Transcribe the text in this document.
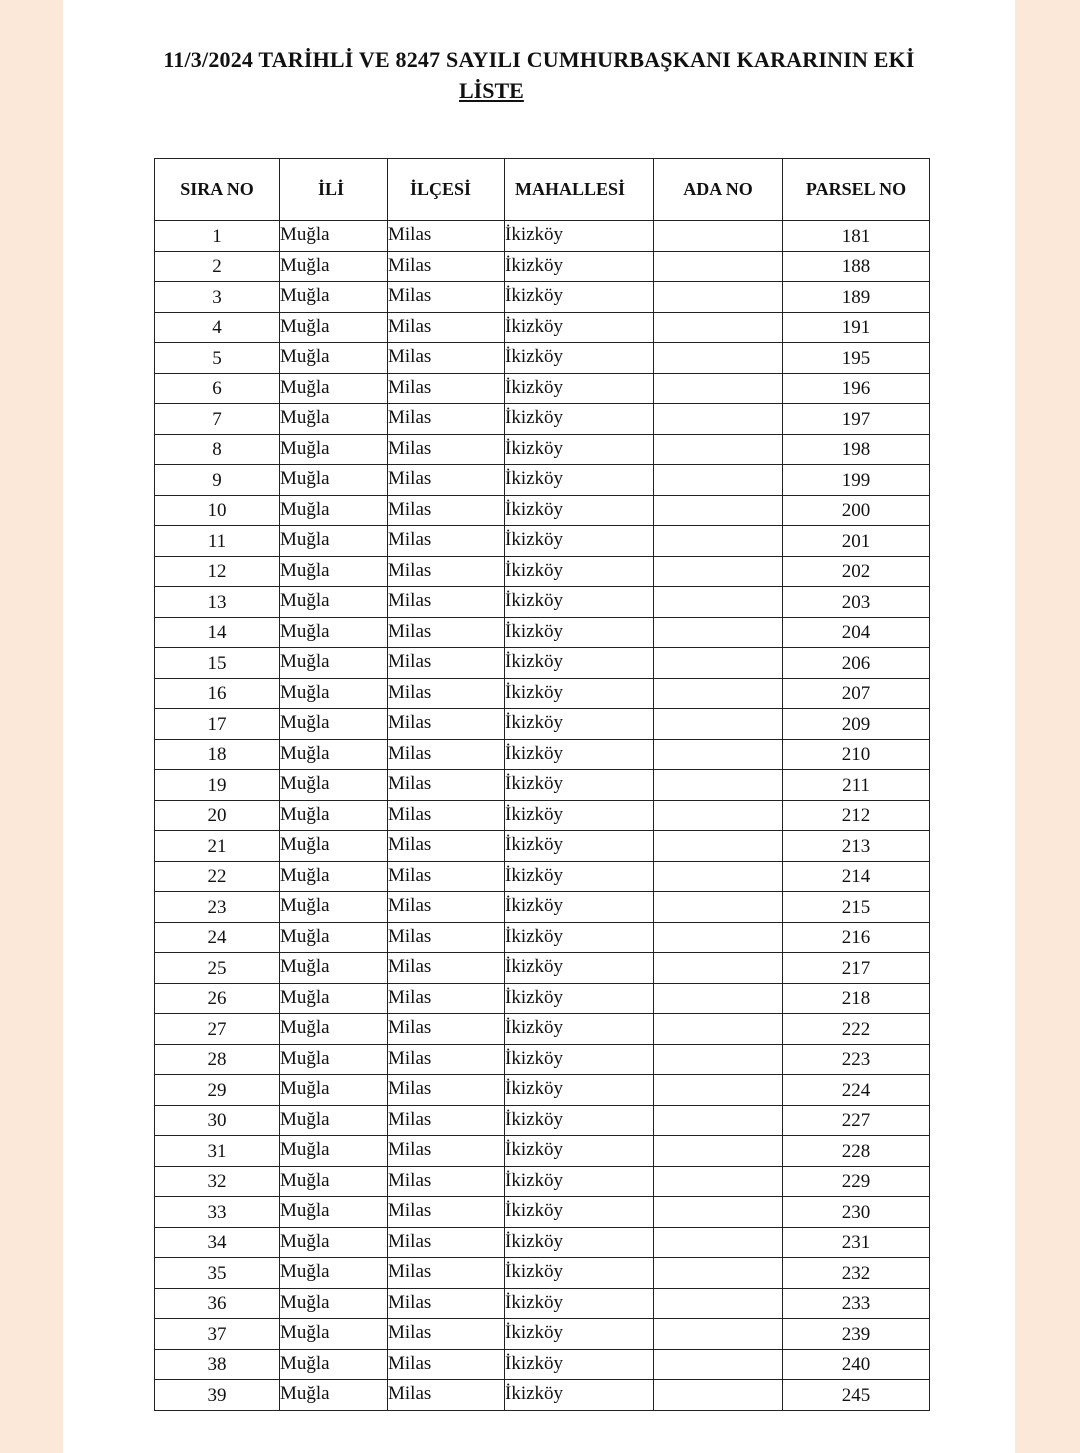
11/3/2024 TARİHLİ VE 8247 SAYILI CUMHURBAŞKANI KARARININ EKİ
LİSTE
SIRA NO	İLİ	İLÇESİ	MAHALLESİ	ADA NO	PARSEL NO
1	Muğla	Milas	İkizköy		181
2	Muğla	Milas	İkizköy		188
3	Muğla	Milas	İkizköy		189
4	Muğla	Milas	İkizköy		191
5	Muğla	Milas	İkizköy		195
6	Muğla	Milas	İkizköy		196
7	Muğla	Milas	İkizköy		197
8	Muğla	Milas	İkizköy		198
9	Muğla	Milas	İkizköy		199
10	Muğla	Milas	İkizköy		200
11	Muğla	Milas	İkizköy		201
12	Muğla	Milas	İkizköy		202
13	Muğla	Milas	İkizköy		203
14	Muğla	Milas	İkizköy		204
15	Muğla	Milas	İkizköy		206
16	Muğla	Milas	İkizköy		207
17	Muğla	Milas	İkizköy		209
18	Muğla	Milas	İkizköy		210
19	Muğla	Milas	İkizköy		211
20	Muğla	Milas	İkizköy		212
21	Muğla	Milas	İkizköy		213
22	Muğla	Milas	İkizköy		214
23	Muğla	Milas	İkizköy		215
24	Muğla	Milas	İkizköy		216
25	Muğla	Milas	İkizköy		217
26	Muğla	Milas	İkizköy		218
27	Muğla	Milas	İkizköy		222
28	Muğla	Milas	İkizköy		223
29	Muğla	Milas	İkizköy		224
30	Muğla	Milas	İkizköy		227
31	Muğla	Milas	İkizköy		228
32	Muğla	Milas	İkizköy		229
33	Muğla	Milas	İkizköy		230
34	Muğla	Milas	İkizköy		231
35	Muğla	Milas	İkizköy		232
36	Muğla	Milas	İkizköy		233
37	Muğla	Milas	İkizköy		239
38	Muğla	Milas	İkizköy		240
39	Muğla	Milas	İkizköy		245
